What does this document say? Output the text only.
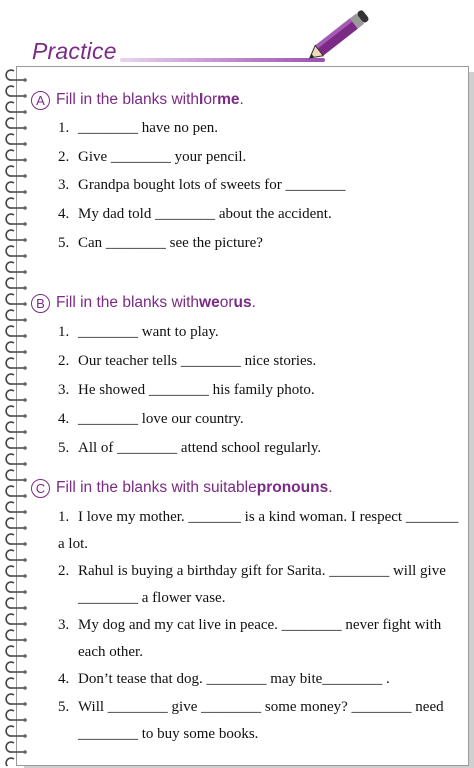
Practice
A Fill in the blanks with I or me .
1. ________ have no pen.
2. Give ________ your pencil.
3. Grandpa bought lots of sweets for ________
4. My dad told ________ about the accident.
5. Can ________ see the picture?
B Fill in the blanks with we or us .
1. ________ want to play.
2. Our teacher tells ________ nice stories.
3. He showed ________ his family photo.
4. ________ love our country.
5. All of ________ attend school regularly.
C Fill in the blanks with suitable pronouns .
1. I love my mother. _______ is a kind woman. I respect _______
a lot.
2. Rahul is buying a birthday gift for Sarita. ________ will give
________ a flower vase.
3. My dog and my cat live in peace. ________ never fight with
each other.
4. Don’t tease that dog. ________ may bite________ .
5. Will ________ give ________ some money? ________ need
________ to buy some books.
